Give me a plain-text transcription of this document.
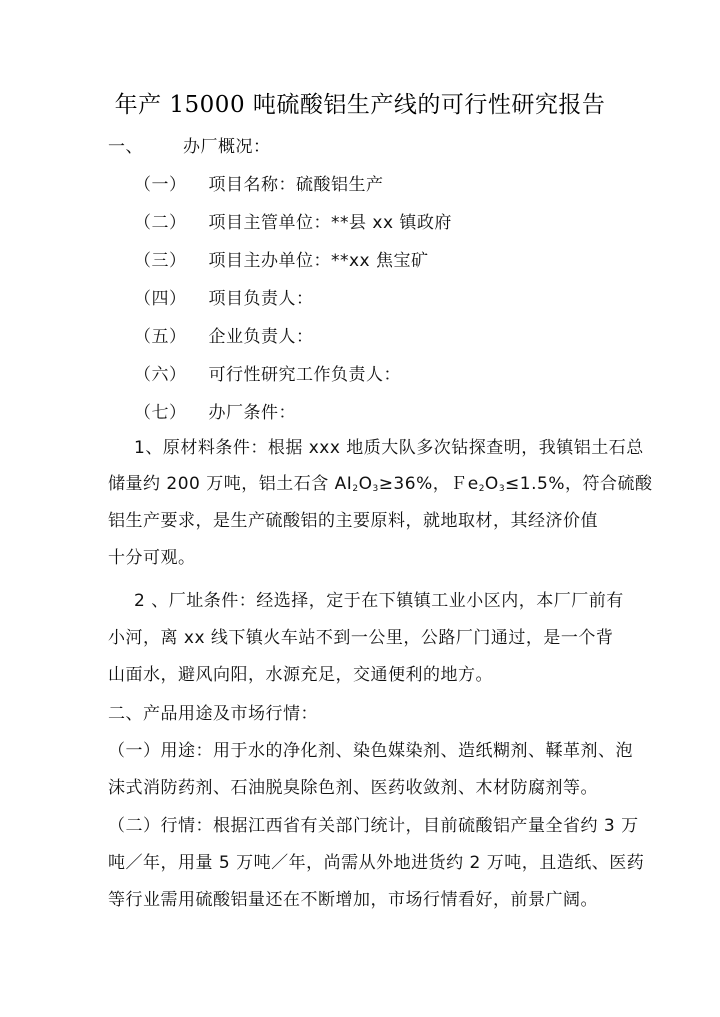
年产 15000 吨硫酸铝生产线的可行性研究报告
一、 办厂概况：
（一） 项目名称：硫酸铝生产
（二） 项目主管单位：**县 xx 镇政府
（三） 项目主办单位：**xx 焦宝矿
（四） 项目负责人：
（五） 企业负责人：
（六） 可行性研究工作负责人：
（七） 办厂条件：
1、原材料条件：根据 xxx 地质大队多次钻探查明，我镇铝土石总
储量约 200 万吨，铝土石含 $AI_2O_3\ge 36\%$，$Fe_2O_3\le 1.5\%$，符合硫酸
铝生产要求，是生产硫酸铝的主要原料，就地取材，其经济价值
十分可观。
2 、厂址条件：经选择，定于在下镇镇工业小区内，本厂厂前有
小河，离 xx 线下镇火车站不到一公里，公路厂门通过，是一个背
山面水，避风向阳，水源充足，交通便利的地方。
二、产品用途及市场行情：
（一）用途：用于水的净化剂、染色媒染剂、造纸糊剂、鞣革剂、泡
沫式消防药剂、石油脱臭除色剂、医药收敛剂、木材防腐剂等。
（二）行情：根据江西省有关部门统计，目前硫酸铝产量全省约 3 万
吨／年，用量 5 万吨／年，尚需从外地进货约 2 万吨，且造纸、医药
等行业需用硫酸铝量还在不断增加，市场行情看好，前景广阔。
